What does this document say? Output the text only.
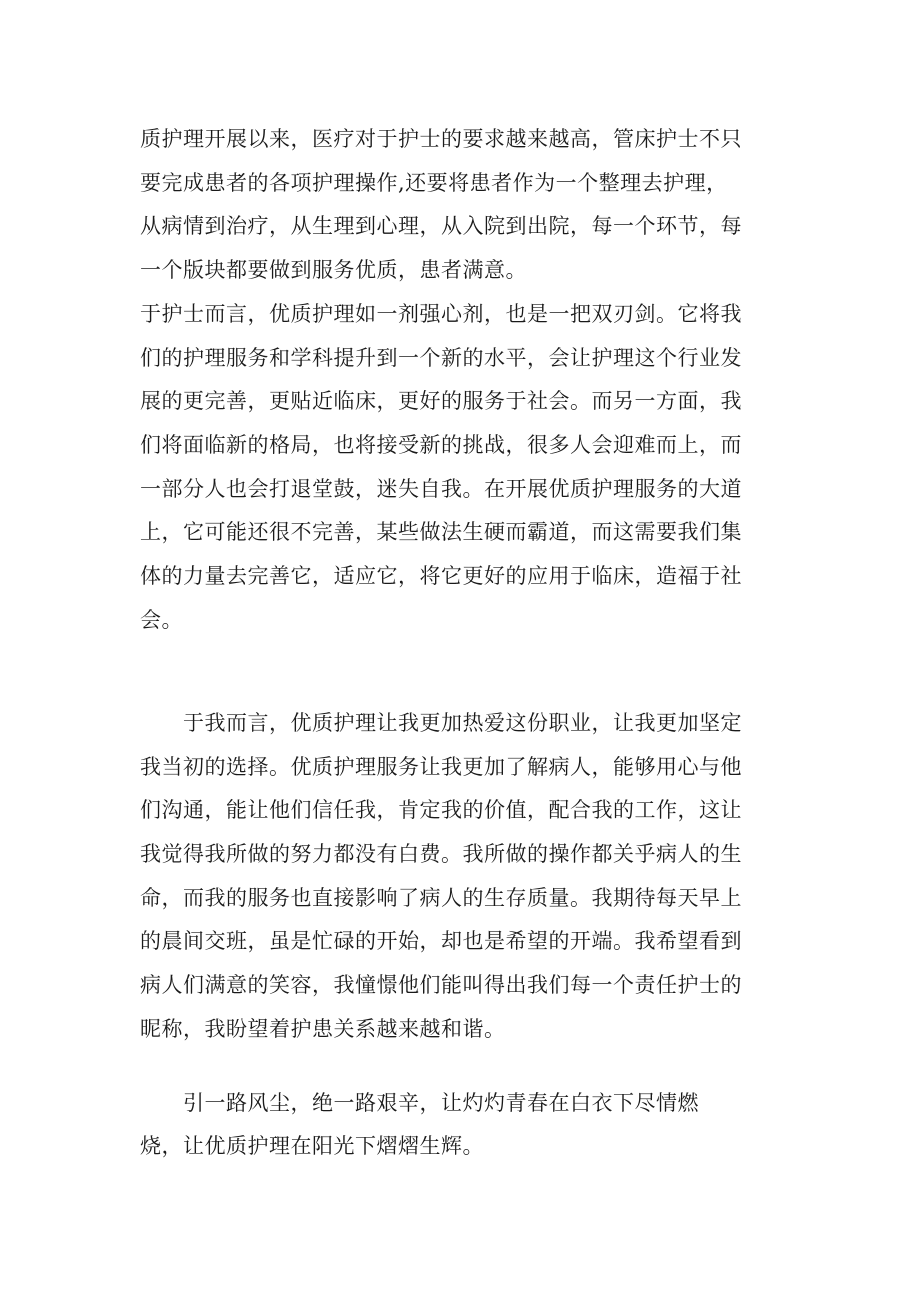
质护理开展以来，医疗对于护士的要求越来越高，管床护士不只
要完成患者的各项护理操作,还要将患者作为一个整理去护理，
从病情到治疗，从生理到心理，从入院到出院，每一个环节，每
一个版块都要做到服务优质，患者满意。
于护士而言，优质护理如一剂强心剂，也是一把双刃剑。它将我
们的护理服务和学科提升到一个新的水平，会让护理这个行业发
展的更完善，更贴近临床，更好的服务于社会。而另一方面，我
们将面临新的格局，也将接受新的挑战，很多人会迎难而上，而
一部分人也会打退堂鼓，迷失自我。在开展优质护理服务的大道
上，它可能还很不完善，某些做法生硬而霸道，而这需要我们集
体的力量去完善它，适应它，将它更好的应用于临床，造福于社
会。
　　于我而言，优质护理让我更加热爱这份职业，让我更加坚定
我当初的选择。优质护理服务让我更加了解病人，能够用心与他
们沟通，能让他们信任我，肯定我的价值，配合我的工作，这让
我觉得我所做的努力都没有白费。我所做的操作都关乎病人的生
命，而我的服务也直接影响了病人的生存质量。我期待每天早上
的晨间交班，虽是忙碌的开始，却也是希望的开端。我希望看到
病人们满意的笑容，我憧憬他们能叫得出我们每一个责任护士的
昵称，我盼望着护患关系越来越和谐。
　　引一路风尘，绝一路艰辛，让灼灼青春在白衣下尽情燃
烧，让优质护理在阳光下熠熠生辉。
